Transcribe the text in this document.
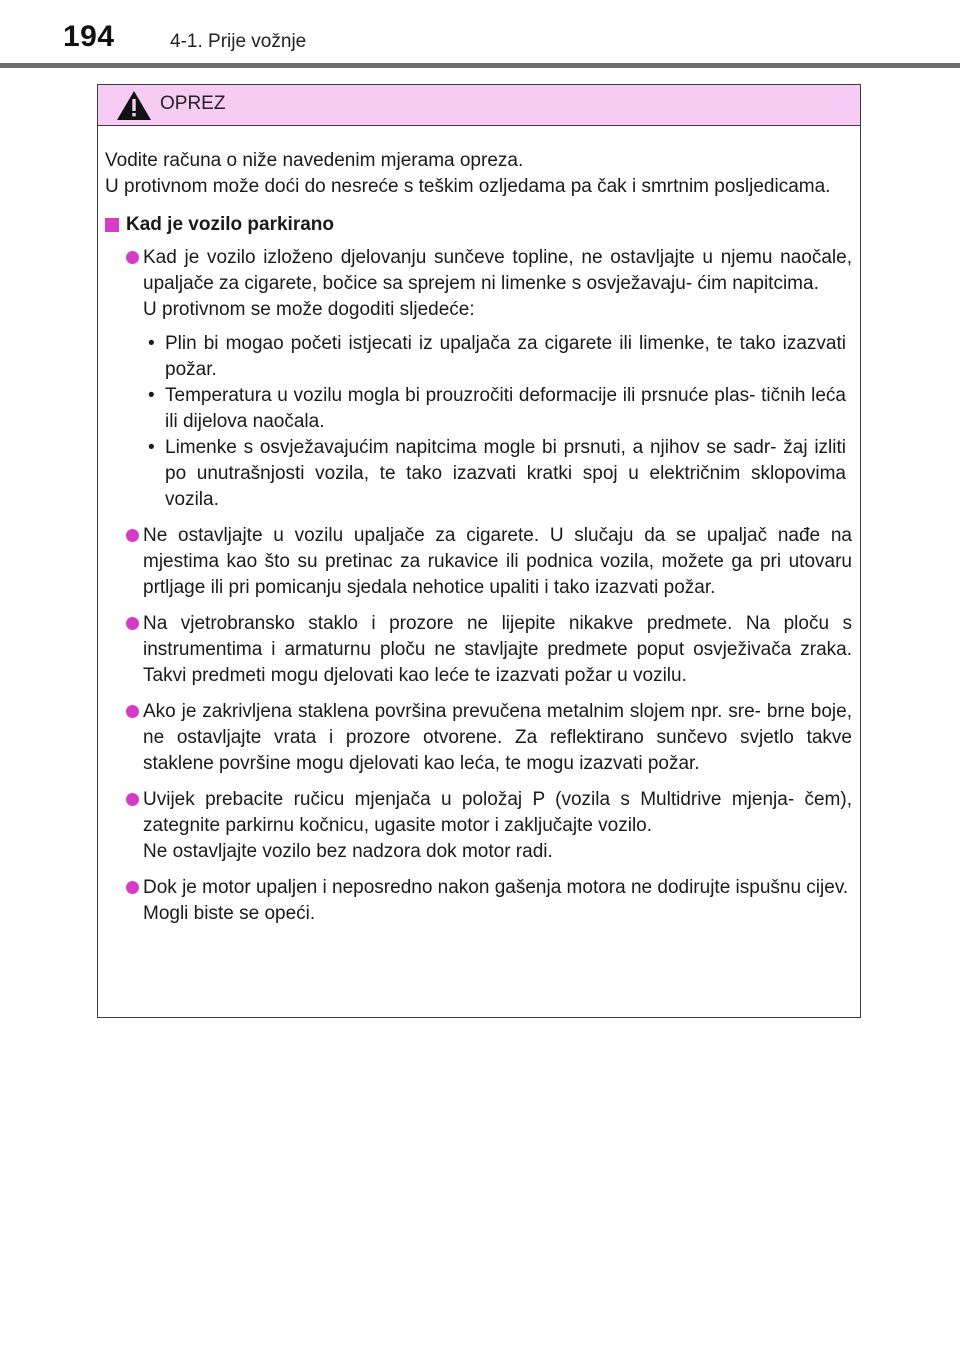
194	4-1. Prije vožnje
OPREZ

Vodite računa o niže navedenim mjerama opreza.

U protivnom može doći do nesreće s teškim ozljedama pa čak i smrtnim posljedicama.

Kad je vozilo parkirano

Kad je vozilo izloženo djelovanju sunčeve topline, ne ostavljajte u njemu naočale, upaljače za cigarete, bočice sa sprejem ni limenke s osvježavaju- ćim napitcima.

U protivnom se može dogoditi sljedeće:

• Plin bi mogao početi istjecati iz upaljača za cigarete ili limenke, te tako izazvati požar.
• Temperatura u vozilu mogla bi prouzročiti deformacije ili prsnuće plas- tičnih leća ili dijelova naočala.
• Limenke s osvježavajućim napitcima mogle bi prsnuti, a njihov se sadr- žaj izliti po unutrašnjosti vozila, te tako izazvati kratki spoj u električnim sklopovima vozila.

Ne ostavljajte u vozilu upaljače za cigarete. U slučaju da se upaljač nađe na mjestima kao što su pretinac za rukavice ili podnica vozila, možete ga pri utovaru prtljage ili pri pomicanju sjedala nehotice upaliti i tako izazvati požar.

Na vjetrobransko staklo i prozore ne lijepite nikakve predmete. Na ploču s instrumentima i armaturnu ploču ne stavljajte predmete poput osvježivača zraka. Takvi predmeti mogu djelovati kao leće te izazvati požar u vozilu.

Ako je zakrivljena staklena površina prevučena metalnim slojem npr. sre- brne boje, ne ostavljajte vrata i prozore otvorene. Za reflektirano sunčevo svjetlo takve staklene površine mogu djelovati kao leća, te mogu izazvati požar.

Uvijek prebacite ručicu mjenjača u položaj P (vozila s Multidrive mjenja- čem), zategnite parkirnu kočnicu, ugasite motor i zaključajte vozilo.

Ne ostavljajte vozilo bez nadzora dok motor radi.

Dok je motor upaljen i neposredno nakon gašenja motora ne dodirujte ispušnu cijev.

Mogli biste se opeći.
